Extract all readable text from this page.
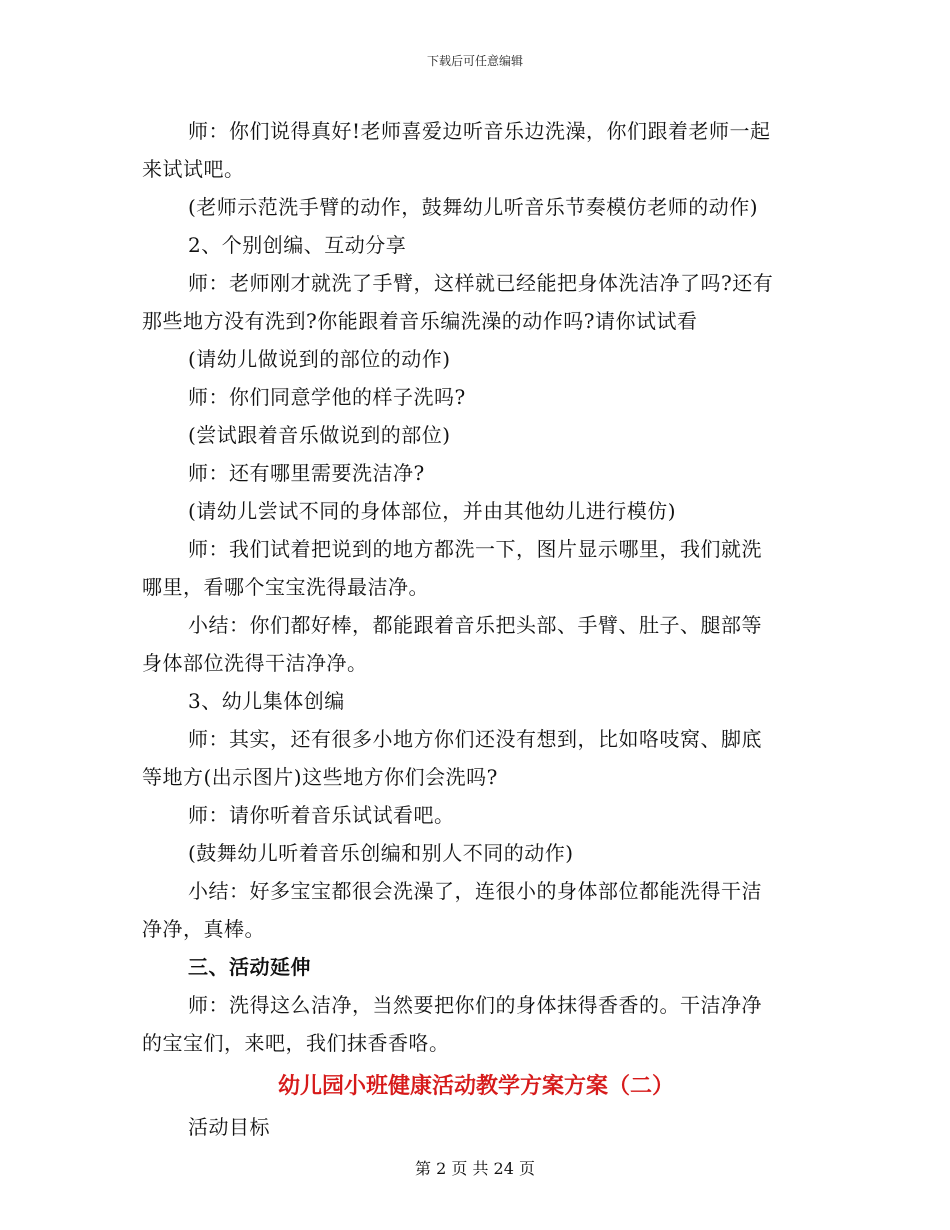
下载后可任意编辑
师：你们说得真好!老师喜爱边听音乐边洗澡，你们跟着老师一起
来试试吧。
(老师示范洗手臂的动作，鼓舞幼儿听音乐节奏模仿老师的动作)
2、个别创编、互动分享
师：老师刚才就洗了手臂，这样就已经能把身体洗洁净了吗?还有
那些地方没有洗到?你能跟着音乐编洗澡的动作吗?请你试试看
(请幼儿做说到的部位的动作)
师：你们同意学他的样子洗吗?
(尝试跟着音乐做说到的部位)
师：还有哪里需要洗洁净?
(请幼儿尝试不同的身体部位，并由其他幼儿进行模仿)
师：我们试着把说到的地方都洗一下，图片显示哪里，我们就洗
哪里，看哪个宝宝洗得最洁净。
小结：你们都好棒，都能跟着音乐把头部、手臂、肚子、腿部等
身体部位洗得干洁净净。
3、幼儿集体创编
师：其实，还有很多小地方你们还没有想到，比如咯吱窝、脚底
等地方(出示图片)这些地方你们会洗吗?
师：请你听着音乐试试看吧。
(鼓舞幼儿听着音乐创编和别人不同的动作)
小结：好多宝宝都很会洗澡了，连很小的身体部位都能洗得干洁
净净，真棒。
三、活动延伸
师：洗得这么洁净，当然要把你们的身体抹得香香的。干洁净净
的宝宝们，来吧，我们抹香香咯。
幼儿园小班健康活动教学方案方案（二）
活动目标
第 2 页 共 24 页
